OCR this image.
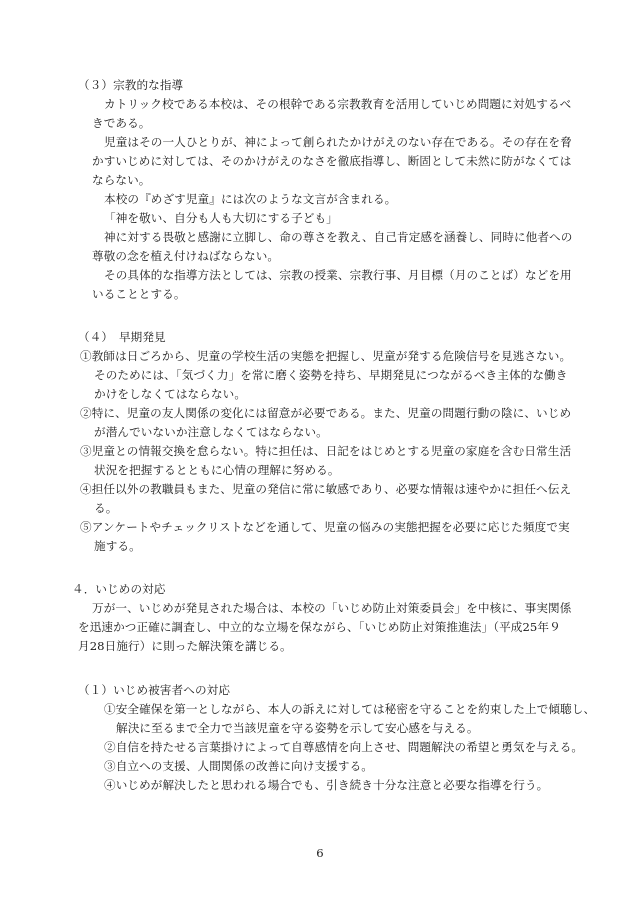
（３）宗教的な指導
カトリック校である本校は、その根幹である宗教教育を活用していじめ問題に対処するべ
きである。
児童はその一人ひとりが、神によって創られたかけがえのない存在である。その存在を脅
かすいじめに対しては、そのかけがえのなさを徹底指導し、断固として未然に防がなくては
ならない。
本校の『めざす児童』には次のような文言が含まれる。
「神を敬い、自分も人も大切にする子ども」
神に対する畏敬と感謝に立脚し、命の尊さを教え、自己肯定感を涵養し、同時に他者への
尊敬の念を植え付けねばならない。
その具体的な指導方法としては、宗教の授業、宗教行事、月目標（月のことば）などを用
いることとする。
（４）　早期発見
①教師は日ごろから、児童の学校生活の実態を把握し、児童が発する危険信号を見逃さない。
そのためには、「気づく力」を常に磨く姿勢を持ち、早期発見につながるべき主体的な働き
かけをしなくてはならない。
②特に、児童の友人関係の変化には留意が必要である。また、児童の問題行動の陰に、いじめ
が潜んでいないか注意しなくてはならない。
③児童との情報交換を怠らない。特に担任は、日記をはじめとする児童の家庭を含む日常生活
状況を把握するとともに心情の理解に努める。
④担任以外の教職員もまた、児童の発信に常に敏感であり、必要な情報は速やかに担任へ伝え
る。
⑤アンケートやチェックリストなどを通して、児童の悩みの実態把握を必要に応じた頻度で実
施する。
４．いじめの対応
万が一、いじめが発見された場合は、本校の「いじめ防止対策委員会」を中核に、事実関係
を迅速かつ正確に調査し、中立的な立場を保ながら、「いじめ防止対策推進法」（平成25年９
月28日施行）に則った解決策を講じる。
（１）いじめ被害者への対応
①安全確保を第一としながら、本人の訴えに対しては秘密を守ることを約束した上で傾聴し、
解決に至るまで全力で当該児童を守る姿勢を示して安心感を与える。
②自信を持たせる言葉掛けによって自尊感情を向上させ、問題解決の希望と勇気を与える。
③自立への支援、人間関係の改善に向け支援する。
④いじめが解決したと思われる場合でも、引き続き十分な注意と必要な指導を行う。
6
